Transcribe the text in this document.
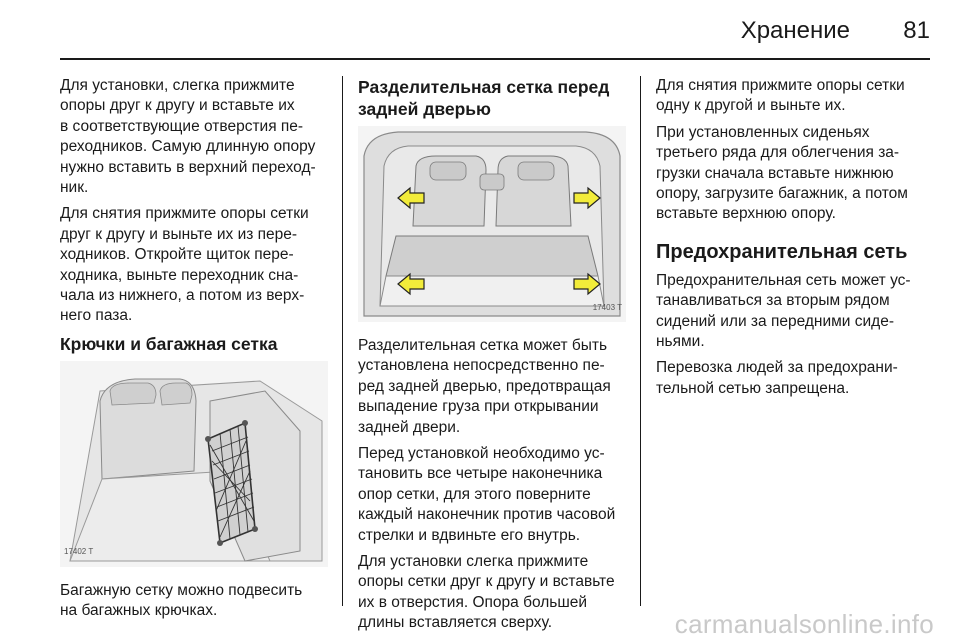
Хранение	81

Для установки, слегка прижмите
опоры друг к другу и вставьте их
в соответствующие отверстия пе-
реходников. Самую длинную опору
нужно вставить в верхний переход-
ник.

Для снятия прижмите опоры сетки
друг к другу и выньте их из пере-
ходников. Откройте щиток пере-
ходника, выньте переходник сна-
чала из нижнего, а потом из верх-
него паза.

Крючки и багажная сетка
17402 T

Багажную сетку можно подвесить
на багажных крючках.

Разделительная сетка перед
задней дверью
17403 T

Разделительная сетка может быть
установлена непосредственно пе-
ред задней дверью, предотвращая
выпадение груза при открывании
задней двери.

Перед установкой необходимо ус-
тановить все четыре наконечника
опор сетки, для этого поверните
каждый наконечник против часовой
стрелки и вдвиньте его внутрь.

Для установки слегка прижмите
опоры сетки друг к другу и вставьте
их в отверстия. Опора большей
длины вставляется сверху.

Для снятия прижмите опоры сетки
одну к другой и выньте их.

При установленных сиденьях
третьего ряда для облегчения за-
грузки сначала вставьте нижнюю
опору, загрузите багажник, а потом
вставьте верхнюю опору.

Предохранительная сеть

Предохранительная сеть может ус-
танавливаться за вторым рядом
сидений или за передними сиде-
ньями.

Перевозка людей за предохрани-
тельной сетью запрещена.

carmanualsonline.info
